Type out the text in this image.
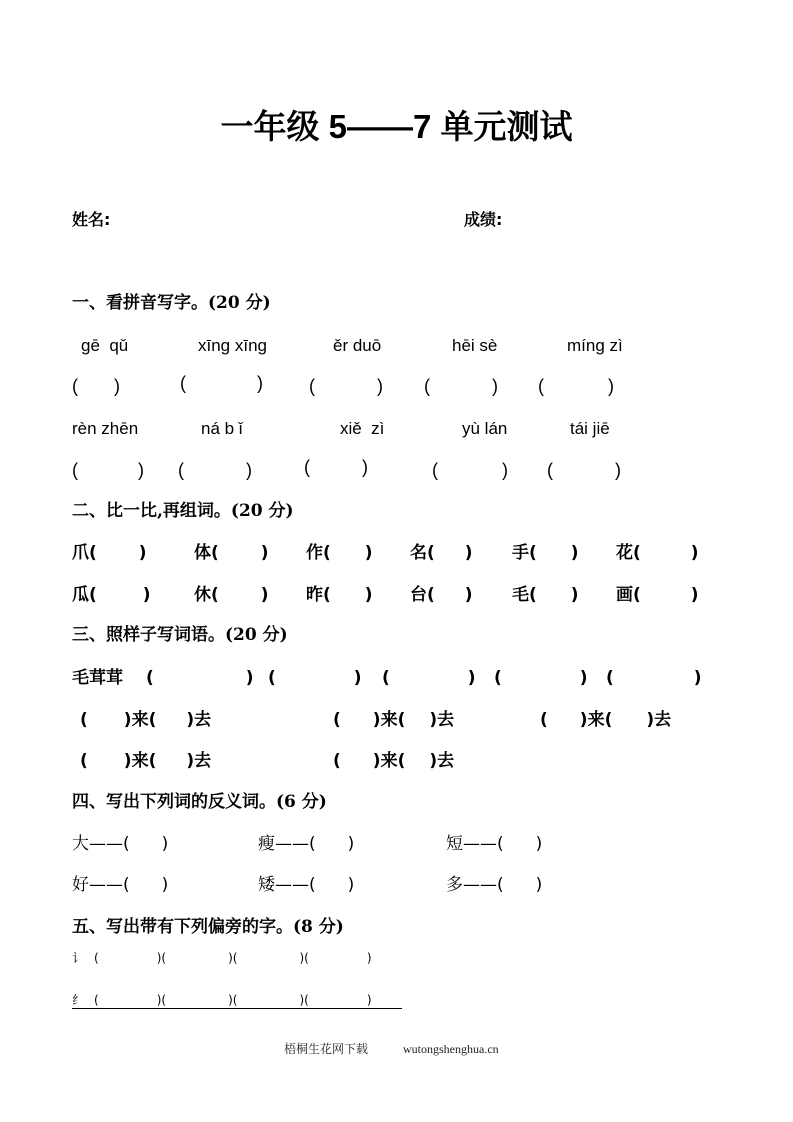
一年级 5——7 单元测试
姓名:	成绩:
一、看拼音写字。(20 分)
gē  qǔ	xīng xīng	ěr duō	hēi sè	míng zì
( )	(	)	(	) (	) (	)
rèn zhēn	ná b ǐ	xiě  zì	yù lán	tái jiē
(	) (	)	(	)	(	) (	)
二、比一比,再组词。(20 分)
爪( )	体( ) 作( ) 名( ) 手( ) 花(	)
瓜(	)	休( ) 昨( ) 台( ) 毛( ) 画(	)
三、照样子写词语。(20 分)
毛茸茸 (	) (	) (	) (	) (	)
( )来( )去	( )来( )去	( )来( )去
( )来( )去	( )来( )去
四、写出下列词的反义词。(6 分)
大——( )	瘦——( )	短——( )
好——( )	矮——( )	多——( )
五、写出带有下列偏旁的字。(8 分)
讠 (	)(	)(	)(	)
纟 (	)(	)(	)(	)
梧桐生花网下载	wutongshenghua.cn
